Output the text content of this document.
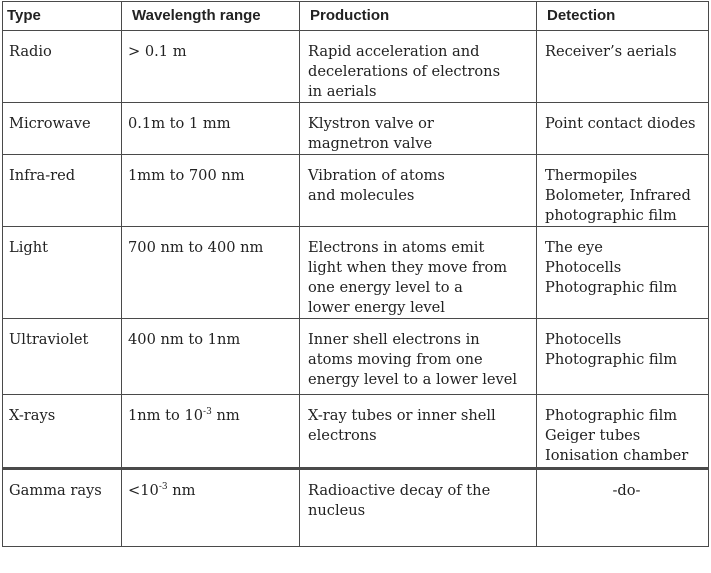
Type	Wavelength range	Production	Detection
Radio	> 0.1 m	Rapid acceleration and
decelerations of electrons
in aerials	Receiver’s aerials

Microwave	0.1m to 1 mm	Klystron valve or
magnetron valve	Point contact diodes

Infra-red	1mm to 700 nm	Vibration of atoms
and molecules	Thermopiles
Bolometer, Infrared
photographic film

Light	700 nm to 400 nm	Electrons in atoms emit
light when they move from
one energy level to a
lower energy level	The eye
Photocells
Photographic film

Ultraviolet	400 nm to 1nm	Inner shell electrons in
atoms moving from one
energy level to a lower level	Photocells
Photographic film

X-rays	1nm to $10^{-3}$ nm	X-ray tubes or inner shell
electrons	Photographic film
Geiger tubes
Ionisation chamber

Gamma rays	$<10^{-3}$ nm	Radioactive decay of the
nucleus	-do-
